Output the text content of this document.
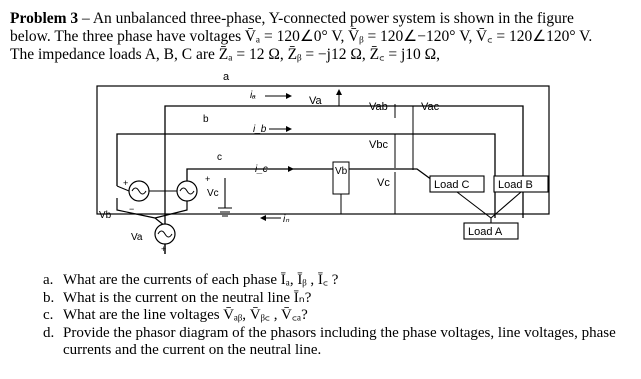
Problem 3 – An unbalanced three-phase, Y-connected power system is shown in the figure
below. The three phase have voltages V̄ₐ = 120∠0° V, V̄ᵦ = 120∠−120° V, V̄꜀ = 120∠120° V.
The impedance loads A, B, C are Z̄ₐ = 12 Ω, Z̄ᵦ = −j12 Ω, Z̄꜀ = j10 Ω,
a
b
c
Vb
Vc
Va
+
−
+
+
iₐ
i_b
i_c
iₙ
Va	Vab	Vac
Vbc
Vb
Vc	Load C	Load B
Load A
a. What are the currents of each phase Īₐ, Īᵦ , Ī꜀ ?
b. What is the current on the neutral line Īₙ?
c. What are the line voltages V̄ₐᵦ, V̄ᵦ꜀ , V̄꜀ₐ?
d. Provide the phasor diagram of the phasors including the phase voltages, line voltages, phase currents and the current on the neutral line.
